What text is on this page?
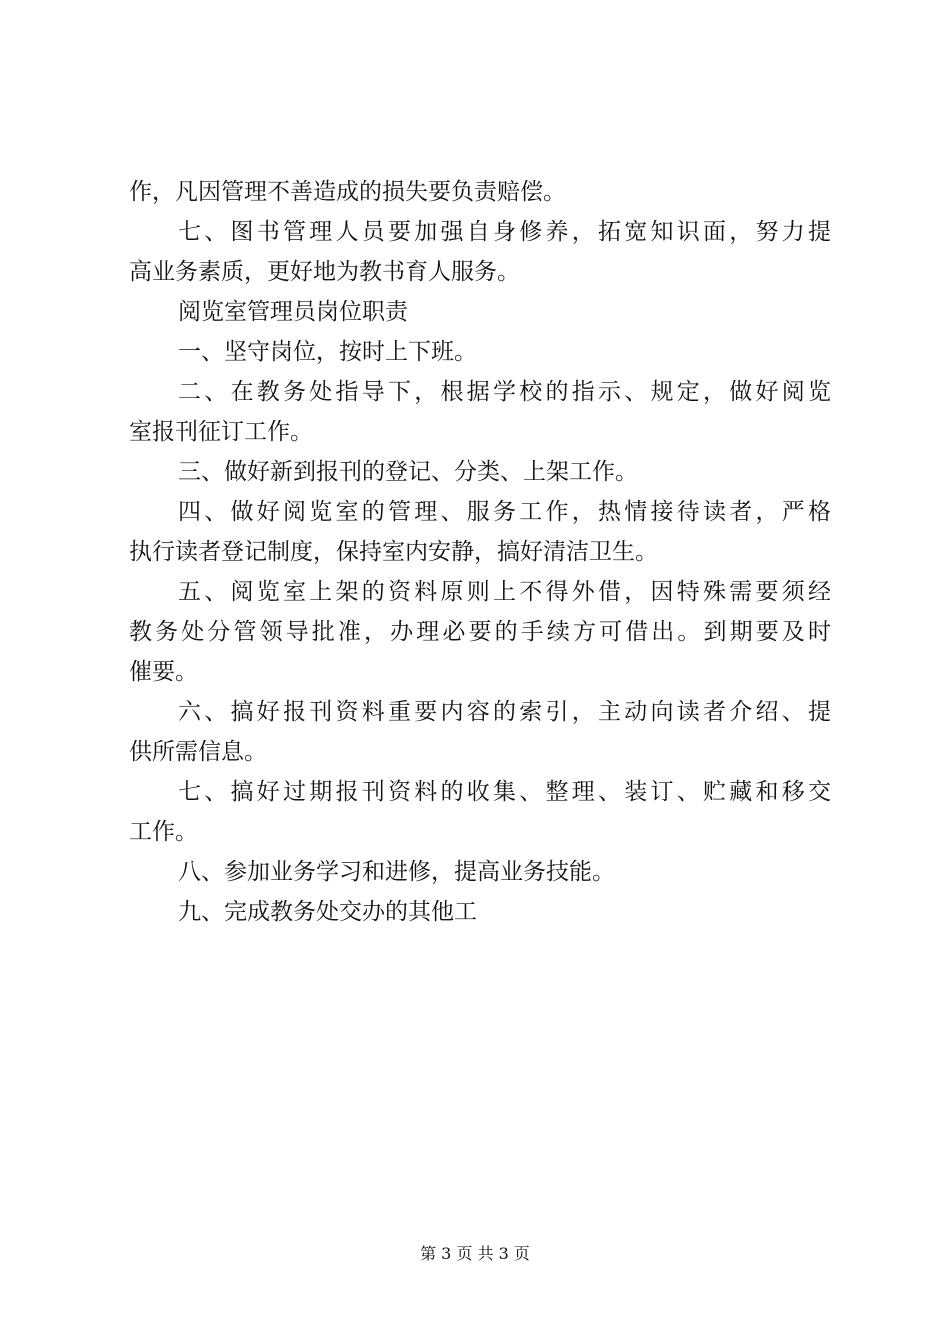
作，凡因管理不善造成的损失要负责赔偿。
七、图书管理人员要加强自身修养，拓宽知识面，努力提
高业务素质，更好地为教书育人服务。
阅览室管理员岗位职责
一、坚守岗位，按时上下班。
二、在教务处指导下，根据学校的指示、规定，做好阅览
室报刊征订工作。
三、做好新到报刊的登记、分类、上架工作。
四、做好阅览室的管理、服务工作，热情接待读者，严格
执行读者登记制度，保持室内安静，搞好清洁卫生。
五、阅览室上架的资料原则上不得外借，因特殊需要须经
教务处分管领导批准，办理必要的手续方可借出。到期要及时
催要。
六、搞好报刊资料重要内容的索引，主动向读者介绍、提
供所需信息。
七、搞好过期报刊资料的收集、整理、装订、贮藏和移交
工作。
八、参加业务学习和进修，提高业务技能。
九、完成教务处交办的其他工
第 3 页 共 3 页
